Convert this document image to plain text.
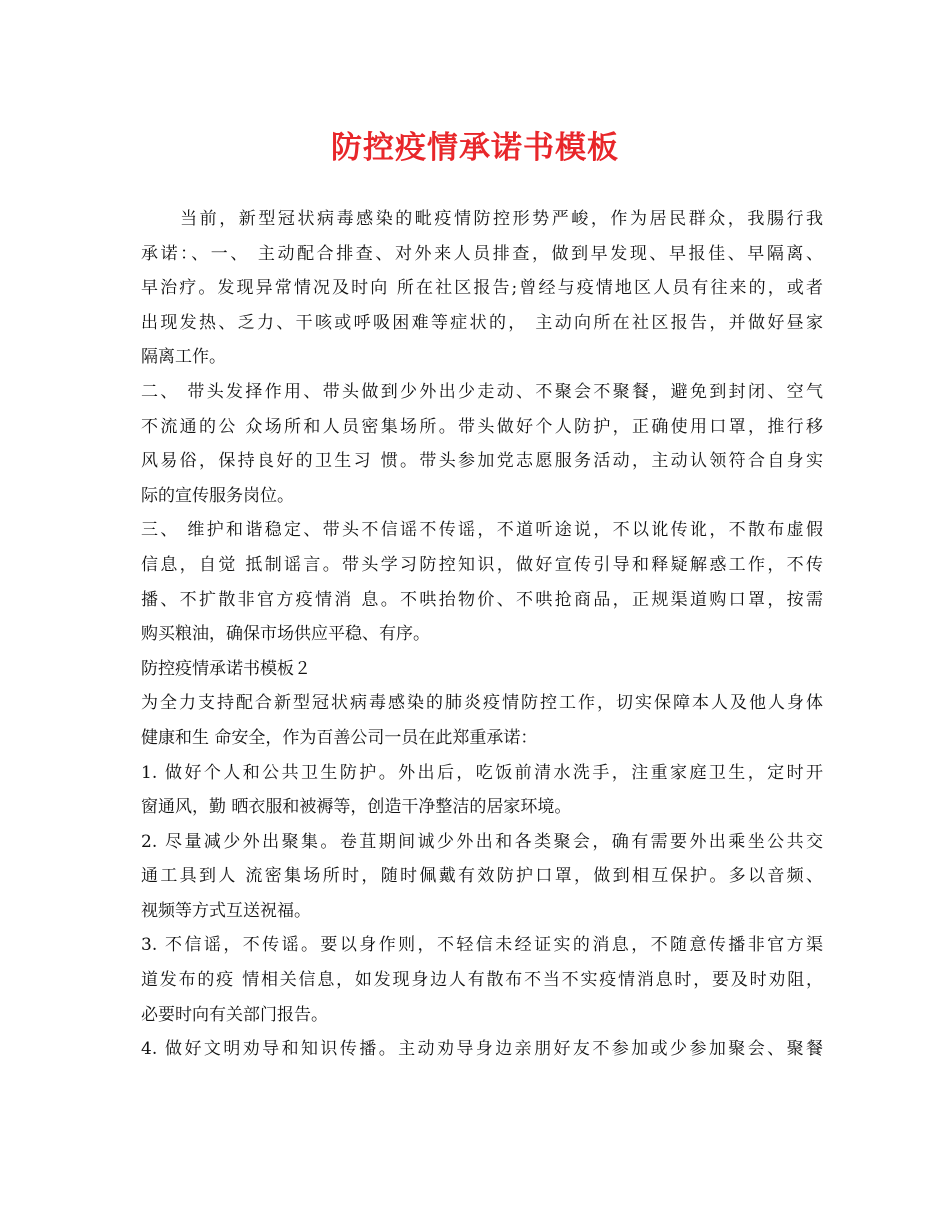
防控疫情承诺书模板
　　当前，新型冠状病毒感染的毗疫情防控形势严峻，作为居民群众，我腸行我
承诺：、一、 主动配合排查、对外来人员排查，做到早发现、早报佳、早隔离、
早治疗。发现异常情况及时向 所在社区报告;曾经与疫情地区人员有往来的，或者
出现发热、乏力、干咳或呼吸困难等症状的， 主动向所在社区报告，并做好昼家
隔离工作。
二、 带头发择作用、带头做到少外出少走动、不聚会不聚餐，避免到封闭、空气
不流通的公 众场所和人员密集场所。带头做好个人防护，正确使用口罩，推行移
风易俗，保持良好的卫生习 惯。带头参加党志愿服务活动，主动认领符合自身实
际的宣传服务岗位。
三、 维护和谐稳定、带头不信谣不传谣，不道听途说，不以讹传讹，不散布虚假
信息，自觉 抵制谣言。带头学习防控知识，做好宣传引导和释疑解惑工作，不传
播、不扩散非官方疫情消 息。不哄抬物价、不哄抢商品，正规渠道购口罩，按需
购买粮油，确保市场供应平稳、有序。
防控疫情承诺书模板２
为全力支持配合新型冠状病毒感染的肺炎疫情防控工作，切实保障本人及他人身体
健康和生 命安全，作为百善公司一员在此郑重承诺：
1. 做好个人和公共卫生防护。外出后，吃饭前清水洗手，注重家庭卫生，定时开
窗通风，勤 晒衣服和被褥等，创造干净整洁的居家环境。
2. 尽量减少外出聚集。卷苴期间诚少外出和各类聚会，确有需要外出乘坐公共交
通工具到人 流密集场所时，随时佩戴有效防护口罩，做到相互保护。多以音频、
视频等方式互送祝福。
3. 不信谣，不传谣。要以身作则，不轻信未经证实的消息，不随意传播非官方渠
道发布的疫 情相关信息，如发现身边人有散布不当不实疫情消息时，要及时劝阻，
必要时向有关部门报告。
4. 做好文明劝导和知识传播。主动劝导身边亲朋好友不参加或少参加聚会、聚餐
